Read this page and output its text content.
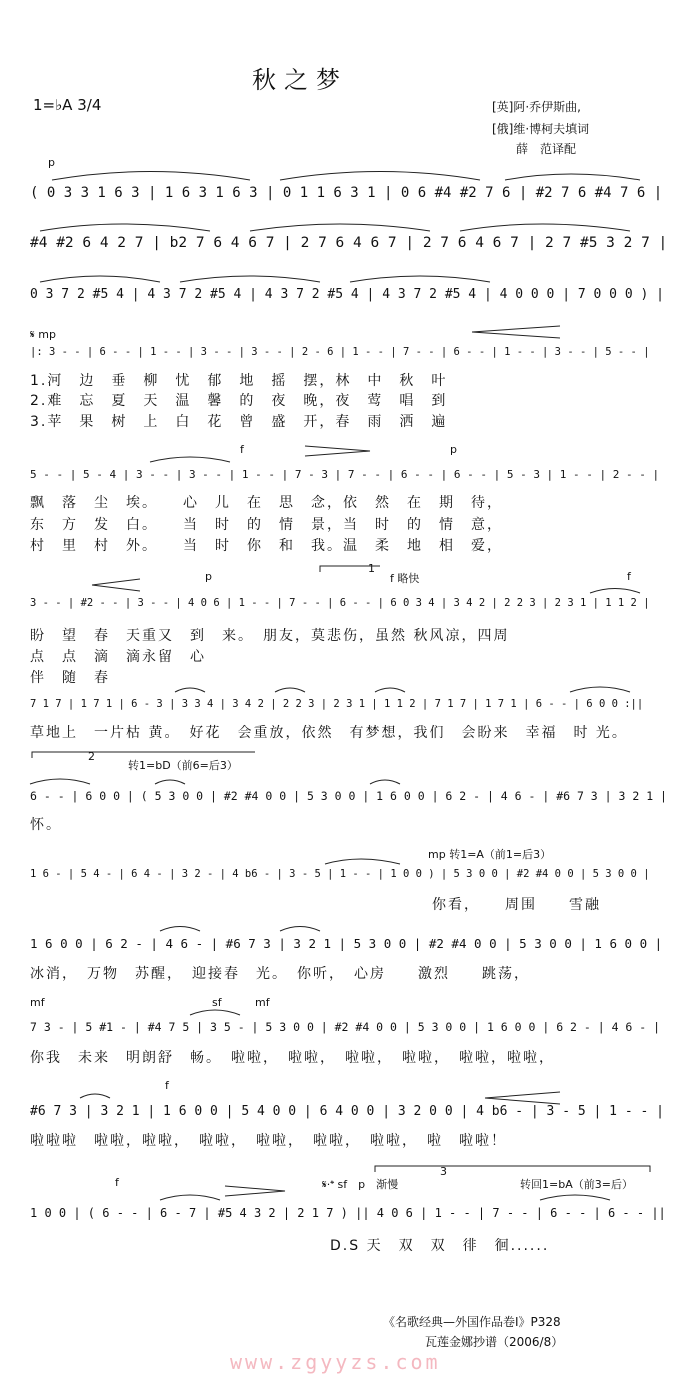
秋之梦
1=♭A 3/4	[英]阿·乔伊斯曲,
[俄]维·博柯夫填词
薛　范译配
p
𝄋 mp
f	p
p
1
f 略快	f
2
转1=bD（前6=后3）
mp 转1=A（前1=后3）
mf	sf	mf
f
f	𝄋·𝄌 sf　p　渐慢
3
转回1=bA（前3=后）
( 0 3 3 1 6 3 | 1 6 3 1 6 3 | 0 1 1 6 3 1 | 0 6 #4 #2 7 6 | #2 7 6 #4 7 6 |
#4 #2 6 4 2 7 | b2 7 6 4 6 7 | 2 7 6 4 6 7 | 2 7 6 4 6 7 | 2 7 #5 3 2 7 |
0 3 7 2 #5 4 | 4 3 7 2 #5 4 | 4 3 7 2 #5 4 | 4 3 7 2 #5 4 | 4 0 0 0 | 7 0 0 0 ) |
|: 3 - - | 6 - - | 1 - - | 3 - - | 3 - - | 2 - 6 | 1 - - | 7 - - | 6 - - | 1 - - | 3 - - | 5 - - |
5 - - | 5 - 4 | 3 - - | 3 - - | 1 - - | 7 - 3 | 7 - - | 6 - - | 6 - - | 5 - 3 | 1 - - | 2 - - |
3 - - | #2 - - | 3 - - | 4 0 6 | 1 - - | 7 - - | 6 - - | 6 0 3 4 | 3 4 2 | 2 2 3 | 2 3 1 | 1 1 2 |
7 1 7 | 1 7 1 | 6 - 3 | 3 3 4 | 3 4 2 | 2 2 3 | 2 3 1 | 1 1 2 | 7 1 7 | 1 7 1 | 6 - - | 6 0 0 :||
6 - - | 6 0 0 | ( 5 3 0 0 | #2 #4 0 0 | 5 3 0 0 | 1 6 0 0 | 6 2 - | 4 6 - | #6 7 3 | 3 2 1 |
1 6 - | 5 4 - | 6 4 - | 3 2 - | 4 b6 - | 3 - 5 | 1 - - | 1 0 0 ) | 5 3 0 0 | #2 #4 0 0 | 5 3 0 0 |
1 6 0 0 | 6 2 - | 4 6 - | #6 7 3 | 3 2 1 | 5 3 0 0 | #2 #4 0 0 | 5 3 0 0 | 1 6 0 0 |
7 3 - | 5 #1 - | #4 7 5 | 3 5 - | 5 3 0 0 | #2 #4 0 0 | 5 3 0 0 | 1 6 0 0 | 6 2 - | 4 6 - |
#6 7 3 | 3 2 1 | 1 6 0 0 | 5 4 0 0 | 6 4 0 0 | 3 2 0 0 | 4 b6 - | 3 - 5 | 1 - - |
1 0 0 | ( 6 - - | 6 - 7 | #5 4 3 2 | 2 1 7 ) || 4 0 6 | 1 - - | 7 - - | 6 - - | 6 - - ||
1.河　边　垂　柳　忧　郁　地　摇　摆，林　中　秋　叶
2.难　忘　夏　天　温　馨　的　夜　晚，夜　莺　唱　到
3.苹　果　树　上　白　花　曾　盛　开，春　雨　洒　遍
飘　落　尘　埃。　　心　儿　在　思　念，依　然　在　期　待，
东　方　发　白。　　当　时　的　情　景，当　时　的　情　意，
村　里　村　外。　　当　时　你　和　我。温　柔　地　相　爱，
盼　望　春　天重又　到　来。　朋友，莫悲伤，虽然 秋风凉，四周
点　点　滴　滴永留　心
伴　随　春
草地上　一片枯 黄。　好花　会重放，依然　有梦想，我们　会盼来　幸福　时 光。
怀。
你看，　　周围　　雪融
冰消，　万物　苏醒，　迎接春　光。　你听，　心房　　激烈　　跳荡，
你我　未来　明朗舒　畅。　啦啦，　啦啦，　啦啦，　啦啦，　啦啦，啦啦，
啦啦啦　啦啦，啦啦，　啦啦，　啦啦，　啦啦，　啦啦，　啦　啦啦！
D.S 天　双　双　徘　徊......
《名歌经典—外国作品卷Ⅰ》P328
瓦莲金娜抄谱（2006/8）
www.zgyyzs.com
